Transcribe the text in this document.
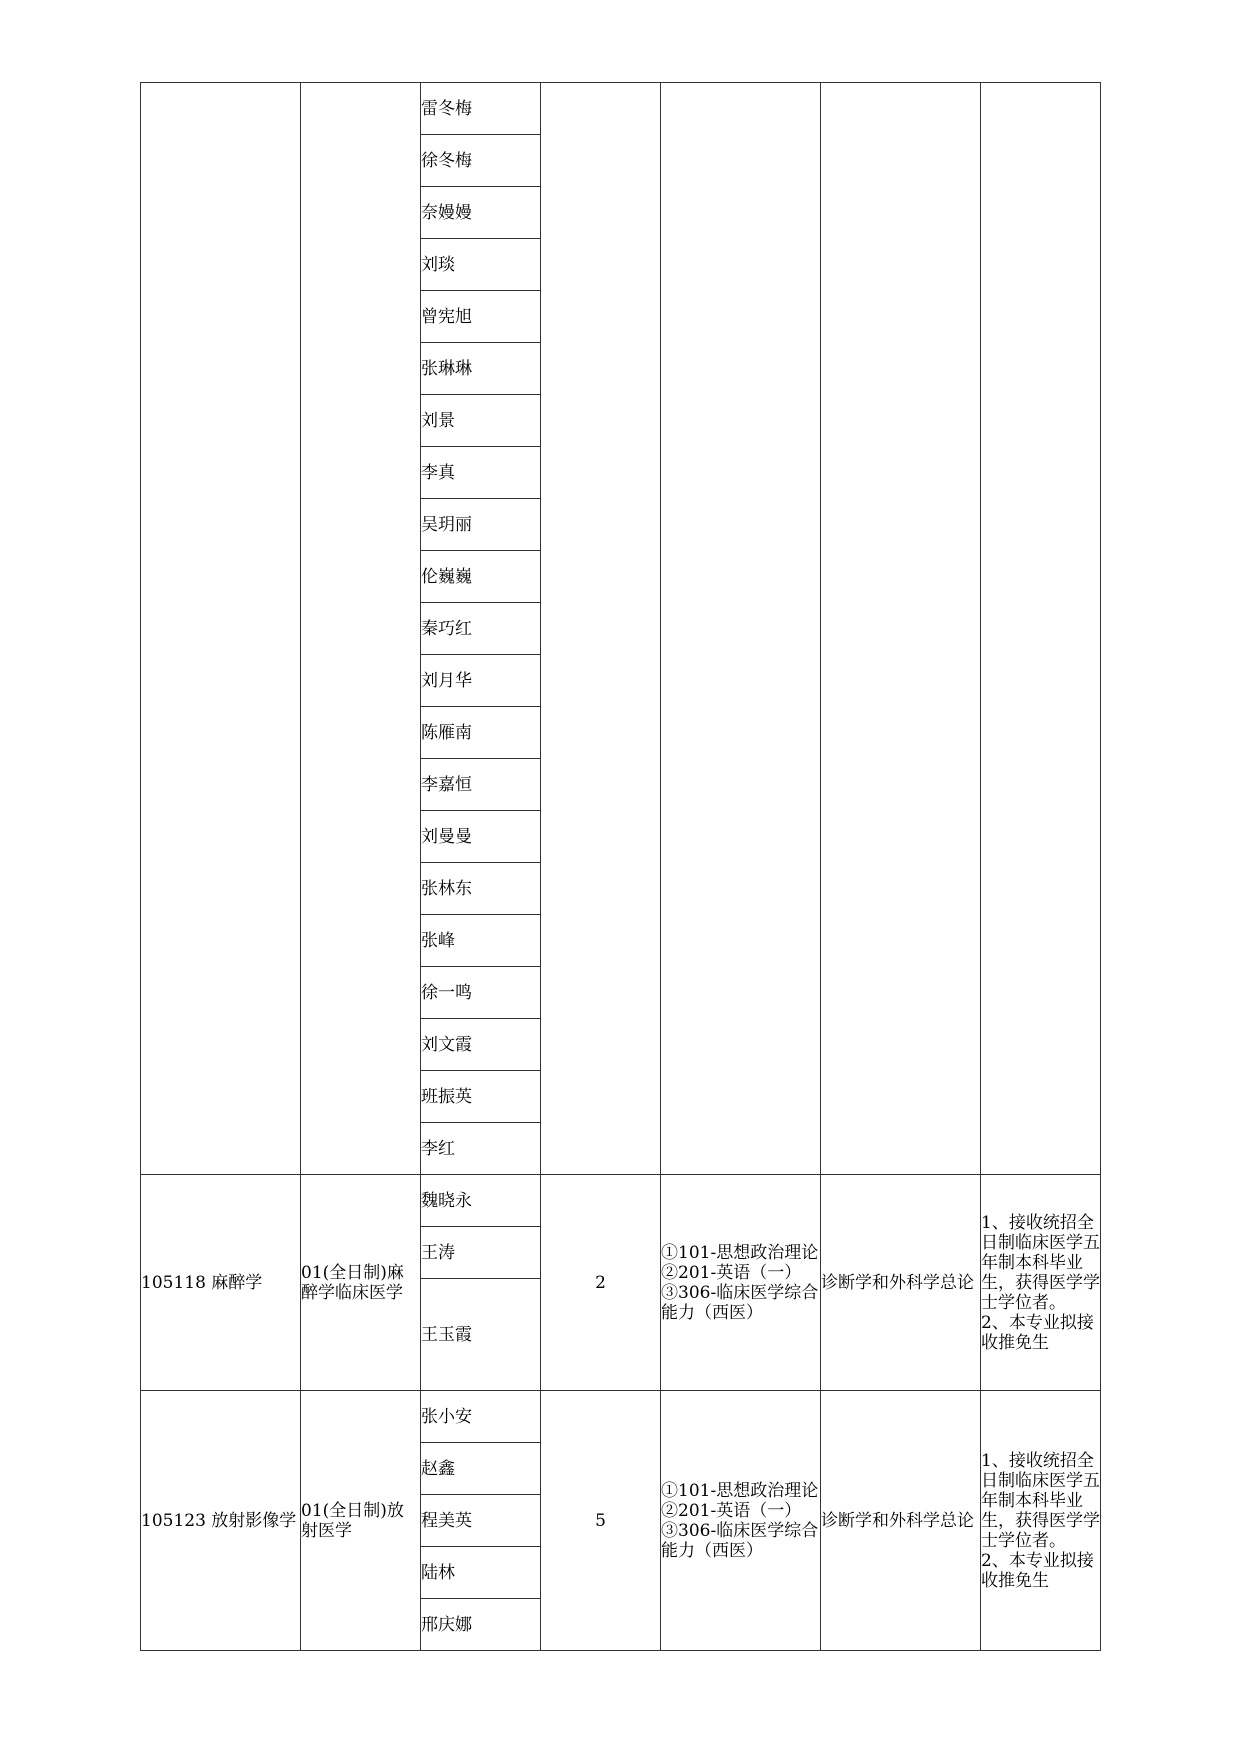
		雷冬梅				
		徐冬梅				
		奈嫚嫚				
		刘琰				
		曾宪旭				
		张琳琳				
		刘景				
		李真				
		吴玥丽				
		伦巍巍				
		秦巧红				
		刘月华				
		陈雁南				
		李嘉恒				
		刘曼曼				
		张林东				
		张峰				
		徐一鸣				
		刘文霞				
		班振英				
		李红				
105118 麻醉学	01(全日制)麻醉学临床医学	魏晓永	2	①101-思想政治理论
②201-英语（一）
③306-临床医学综合能力（西医）	诊断学和外科学总论	1、接收统招全日制临床医学五年制本科毕业生，获得医学学士学位者。
2、本专业拟接收推免生
		王涛				
		王玉霞				
105123 放射影像学	01(全日制)放射医学	张小安	5	①101-思想政治理论
②201-英语（一）
③306-临床医学综合能力（西医）	诊断学和外科学总论	1、接收统招全日制临床医学五年制本科毕业生，获得医学学士学位者。
2、本专业拟接收推免生
		赵鑫				
		程美英				
		陆林				
		邢庆娜				
